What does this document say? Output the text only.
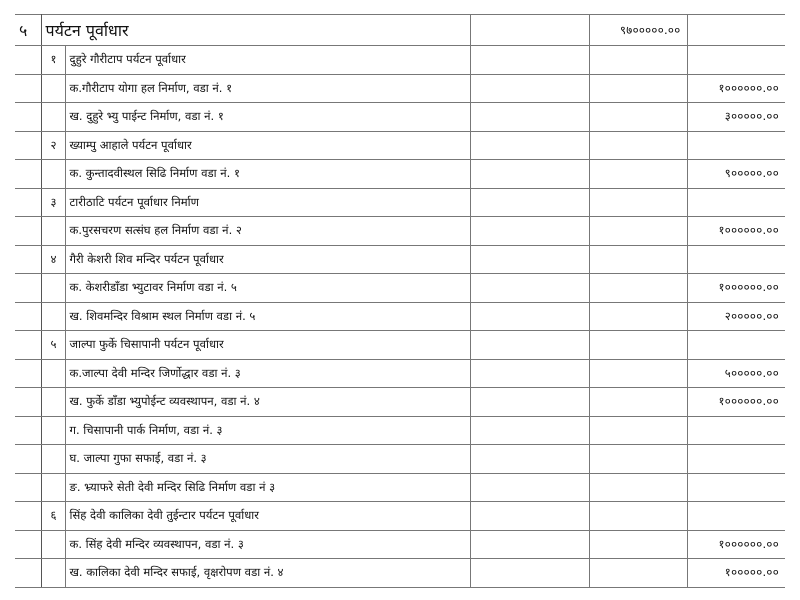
५	पर्यटन पूर्वाधार			९७०००००.००	
	१	दुहुरे गौरीटाप पर्यटन पूर्वाधार			
		क.गौरीटाप योगा हल निर्माण, वडा नं. १			१००००००.००
		ख. दुहुरे भ्यु पाईन्ट निर्माण, वडा नं. १			३०००००.००
	२	ख्याम्पु आहाले पर्यटन पूर्वाधार			
		क. कुन्तादवीस्थल सिढि निर्माण वडा नं. १			९०००००.००
	३	टारीठाटि पर्यटन पूर्वाधार निर्माण			
		क.पुरसचरण सत्संघ हल निर्माण वडा नं. २			१००००००.००
	४	गैरी केशरी शिव मन्दिर पर्यटन पूर्वाधार			
		क. केशरीडाँडा भ्युटावर निर्माण वडा नं. ५			१००००००.००
		ख. शिवमन्दिर विश्राम स्थल निर्माण वडा नं. ५			२०००००.००
	५	जाल्पा फुर्के चिसापानी पर्यटन पूर्वाधार			
		क.जाल्पा देवी मन्दिर जिर्णोद्धार वडा नं. ३			५०००००.००
		ख. फुर्के डाँडा भ्युपोईन्ट व्यवस्थापन, वडा नं. ४			१००००००.००
		ग. चिसापानी पार्क निर्माण, वडा नं. ३			
		घ. जाल्पा गुफा सफाई, वडा नं. ३			
		ङ. भ्र्याफरे सेती देवी मन्दिर सिढि निर्माण वडा नं ३			
	६	सिंह देवी कालिका देवी तुईन्टार पर्यटन पूर्वाधार			
		क. सिंह देवी मन्दिर व्यवस्थापन, वडा नं. ३			१००००००.००
		ख. कालिका देवी मन्दिर सफाई, वृक्षरोपण वडा नं. ४			१०००००.००
